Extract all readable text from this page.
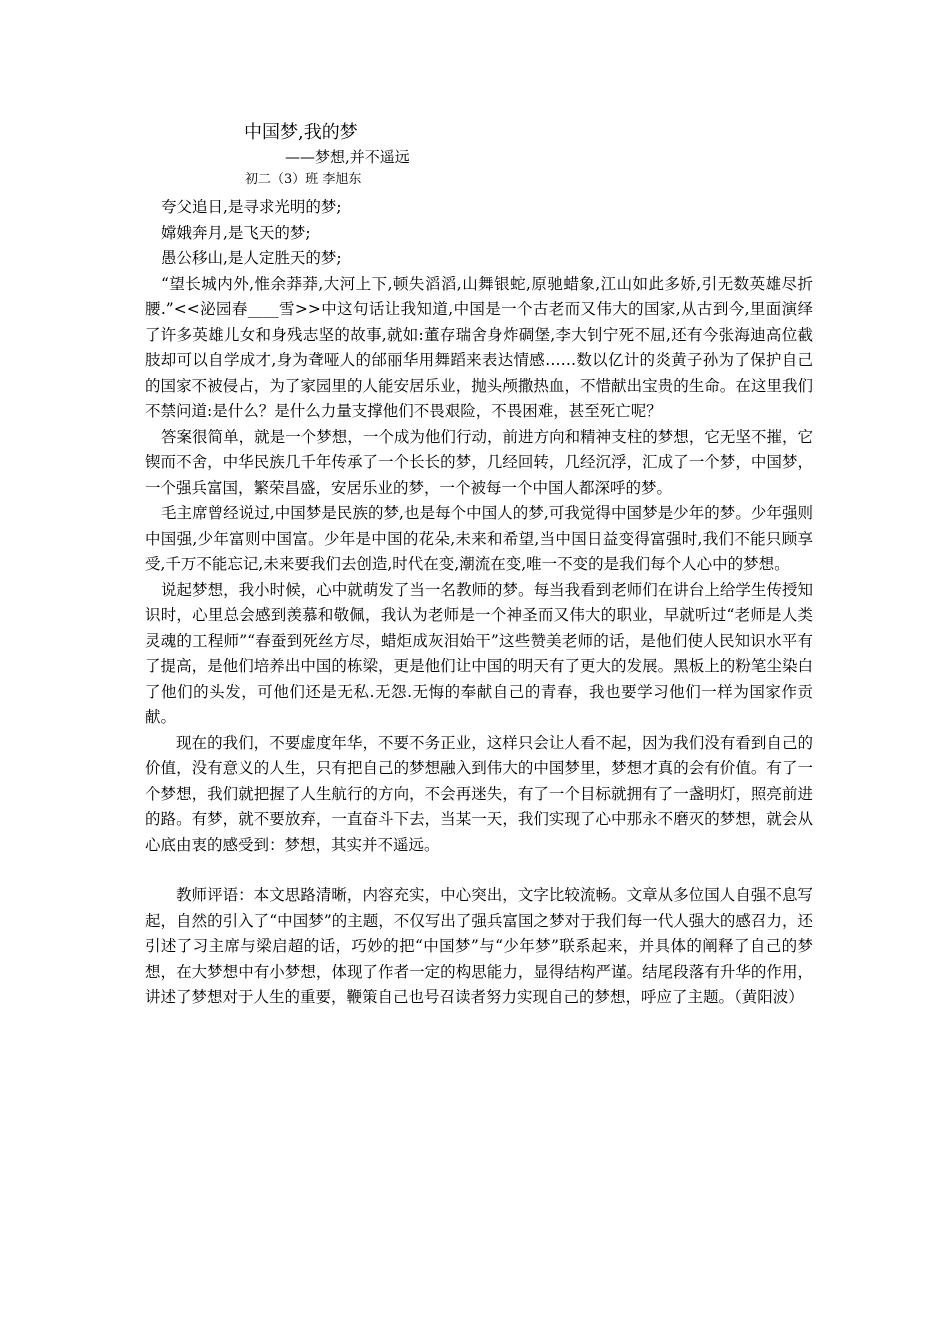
中国梦,我的梦
——梦想,并不遥远
初二（3）班 李旭东
夸父追日,是寻求光明的梦;
嫦娥奔月,是飞天的梦;
愚公移山,是人定胜天的梦;

“望长城内外,惟余莽莽,大河上下,顿失滔滔,山舞银蛇,原驰蜡象,江山如此多娇,引无数英雄尽折腰.”<<泌园春____雪>>中这句话让我知道,中国是一个古老而又伟大的国家,从古到今,里面演绎了许多英雄儿女和身残志坚的故事,就如:董存瑞舍身炸碉堡,李大钊宁死不屈,还有今张海迪高位截肢却可以自学成才,身为聋哑人的邰丽华用舞蹈来表达情感……数以亿计的炎黄子孙为了保护自己的国家不被侵占，为了家园里的人能安居乐业，抛头颅撒热血，不惜献出宝贵的生命。在这里我们不禁问道:是什么？是什么力量支撑他们不畏艰险，不畏困难，甚至死亡呢？

答案很简单，就是一个梦想，一个成为他们行动，前进方向和精神支柱的梦想，它无坚不摧，它锲而不舍，中华民族几千年传承了一个长长的梦，几经回转，几经沉浮，汇成了一个梦，中国梦，一个强兵富国，繁荣昌盛，安居乐业的梦，一个被每一个中国人都深呼的梦。

毛主席曾经说过,中国梦是民族的梦,也是每个中国人的梦,可我觉得中国梦是少年的梦。少年强则中国强,少年富则中国富。少年是中国的花朵,未来和希望,当中国日益变得富强时,我们不能只顾享受,千万不能忘记,未来要我们去创造,时代在变,潮流在变,唯一不变的是我们每个人心中的梦想。

说起梦想，我小时候，心中就萌发了当一名教师的梦。每当我看到老师们在讲台上给学生传授知识时，心里总会感到羡慕和敬佩，我认为老师是一个神圣而又伟大的职业，早就听过“老师是人类灵魂的工程师”“春蚕到死丝方尽，蜡炬成灰泪始干”这些赞美老师的话，是他们使人民知识水平有了提高，是他们培养出中国的栋梁，更是他们让中国的明天有了更大的发展。黑板上的粉笔尘染白了他们的头发，可他们还是无私.无怨.无悔的奉献自己的青春，我也要学习他们一样为国家作贡献。

现在的我们，不要虚度年华，不要不务正业，这样只会让人看不起，因为我们没有看到自己的价值，没有意义的人生，只有把自己的梦想融入到伟大的中国梦里，梦想才真的会有价值。有了一个梦想，我们就把握了人生航行的方向，不会再迷失，有了一个目标就拥有了一盏明灯，照亮前进的路。有梦，就不要放弃，一直奋斗下去，当某一天，我们实现了心中那永不磨灭的梦想，就会从心底由衷的感受到：梦想，其实并不遥远。

教师评语：本文思路清晰，内容充实，中心突出，文字比较流畅。文章从多位国人自强不息写起，自然的引入了“中国梦”的主题，不仅写出了强兵富国之梦对于我们每一代人强大的感召力，还引述了习主席与梁启超的话，巧妙的把“中国梦”与“少年梦”联系起来，并具体的阐释了自己的梦想，在大梦想中有小梦想，体现了作者一定的构思能力，显得结构严谨。结尾段落有升华的作用，讲述了梦想对于人生的重要，鞭策自己也号召读者努力实现自己的梦想，呼应了主题。（黄阳波）
